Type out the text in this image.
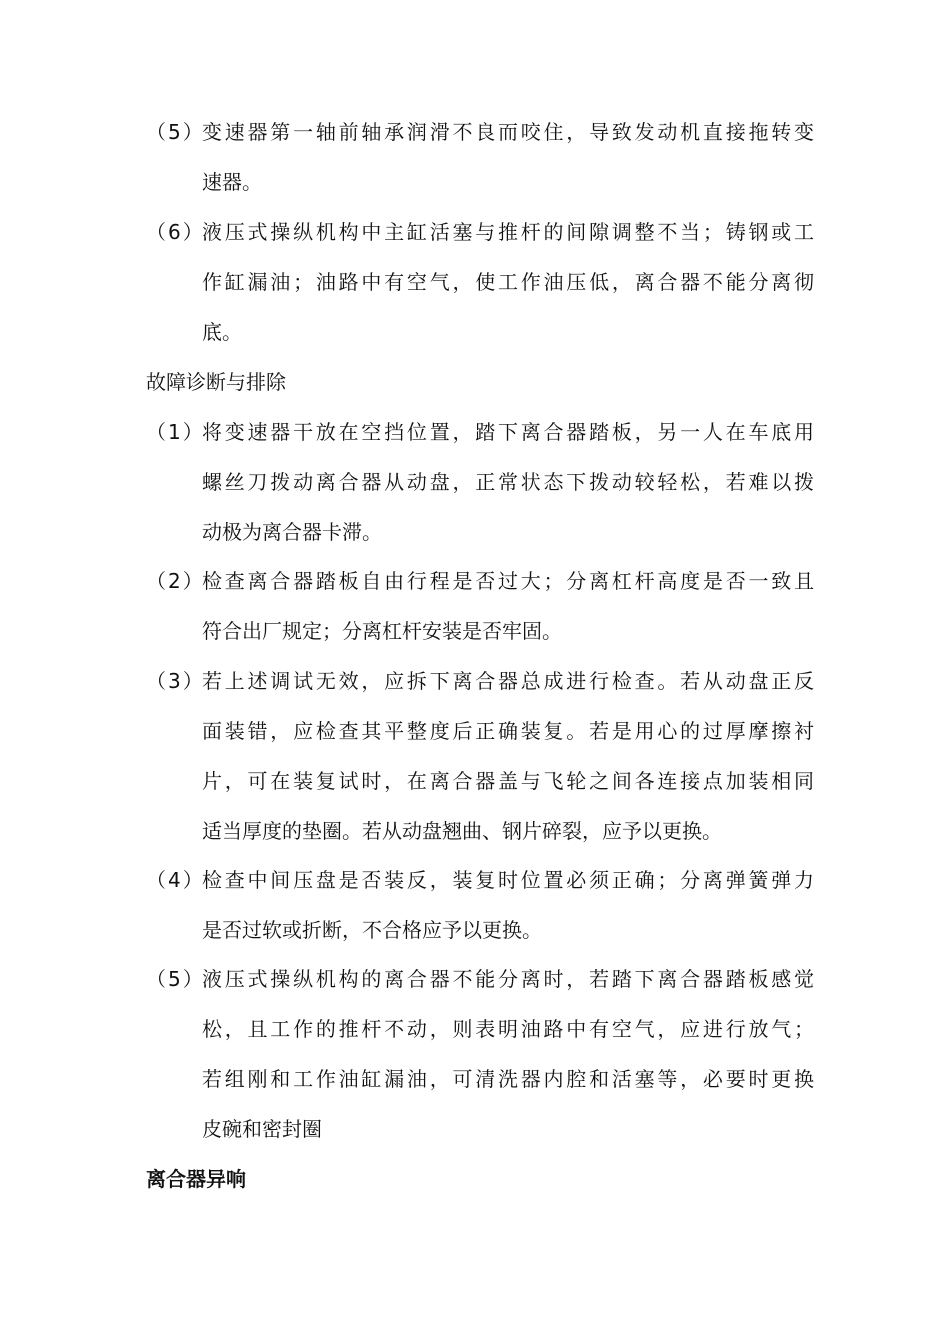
（5）
变速器第一轴前轴承润滑不良而咬住，导致发动机直接拖转变
速器。
（6）
液压式操纵机构中主缸活塞与推杆的间隙调整不当；铸钢或工
作缸漏油；油路中有空气，使工作油压低，离合器不能分离彻
底。
故障诊断与排除
（1）
将变速器干放在空挡位置，踏下离合器踏板，另一人在车底用
螺丝刀拨动离合器从动盘，正常状态下拨动较轻松，若难以拨
动极为离合器卡滞。
（2）
检查离合器踏板自由行程是否过大；分离杠杆高度是否一致且
符合出厂规定；分离杠杆安装是否牢固。
（3）
若上述调试无效，应拆下离合器总成进行检查。若从动盘正反
面装错，应检查其平整度后正确装复。若是用心的过厚摩擦衬
片，可在装复试时，在离合器盖与飞轮之间各连接点加装相同
适当厚度的垫圈。若从动盘翘曲、钢片碎裂，应予以更换。
（4）
检查中间压盘是否装反，装复时位置必须正确；分离弹簧弹力
是否过软或折断，不合格应予以更换。
（5）
液压式操纵机构的离合器不能分离时，若踏下离合器踏板感觉
松，且工作的推杆不动，则表明油路中有空气，应进行放气；
若组刚和工作油缸漏油，可清洗器内腔和活塞等，必要时更换
皮碗和密封圈
离合器异响
